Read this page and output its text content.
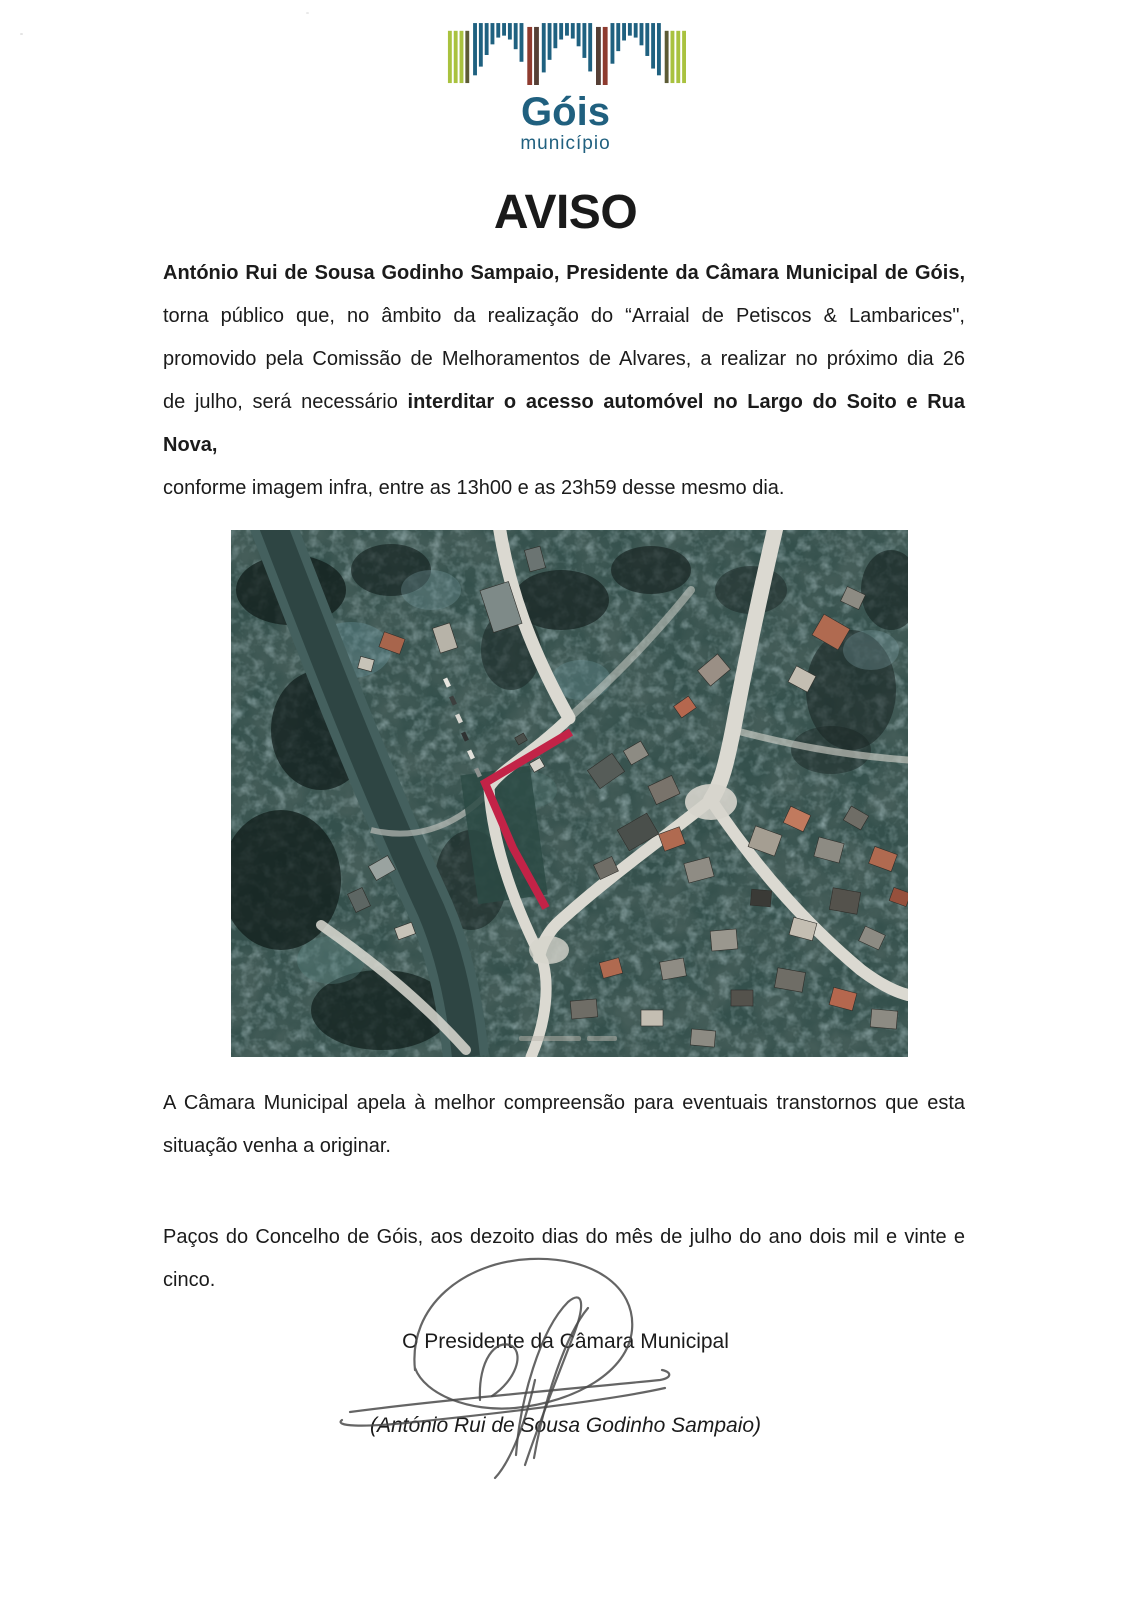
Góis
município
AVISO
António Rui de Sousa Godinho Sampaio, Presidente da Câmara Municipal de Góis,
torna público que, no âmbito da realização do “Arraial de Petiscos & Lambarices",
promovido pela Comissão de Melhoramentos de Alvares, a realizar no próximo dia 26
de julho, será necessário interditar o acesso automóvel no Largo do Soito e Rua Nova,
conforme imagem infra, entre as 13h00 e as 23h59 desse mesmo dia.
A Câmara Municipal apela à melhor compreensão para eventuais transtornos que esta
situação venha a originar.
Paços do Concelho de Góis, aos dezoito dias do mês de julho do ano dois mil e vinte e
cinco.
O Presidente da Câmara Municipal
(António Rui de Sousa Godinho Sampaio)
